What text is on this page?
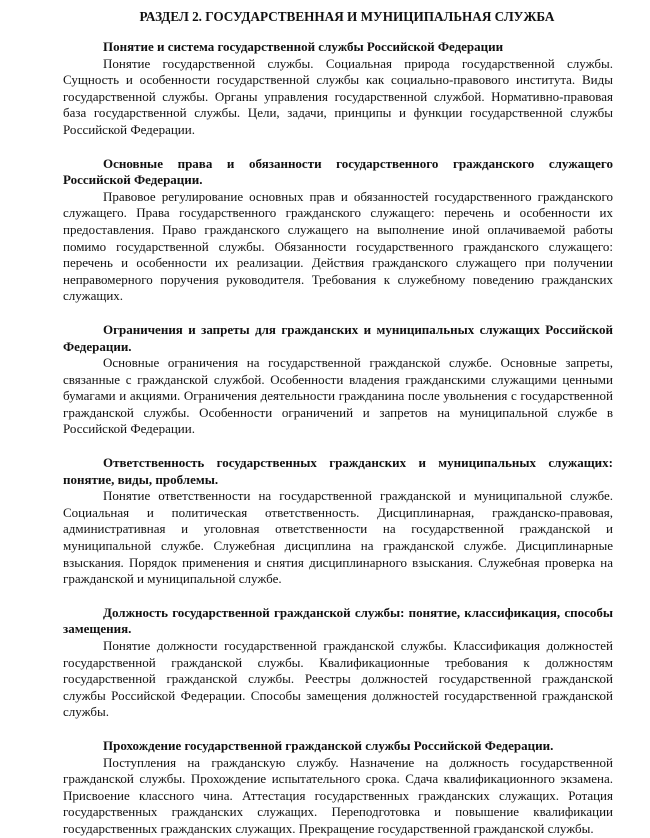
РАЗДЕЛ 2. ГОСУДАРСТВЕННАЯ И МУНИЦИПАЛЬНАЯ СЛУЖБА

Понятие и система государственной службы Российской Федерации

Понятие государственной службы. Социальная природа государственной службы. Сущность и особенности государственной службы как социально-правового института. Виды государственной службы. Органы управления государственной службой. Нормативно-правовая база государственной службы. Цели, задачи, принципы и функции государственной службы Российской Федерации.

Основные права и обязанности государственного гражданского служащего Российской Федерации.

Правовое регулирование основных прав и обязанностей государственного гражданского служащего. Права государственного гражданского служащего: перечень и особенности их предоставления. Право гражданского служащего на выполнение иной оплачиваемой работы помимо государственной службы. Обязанности государственного гражданского служащего: перечень и особенности их реализации. Действия гражданского служащего при получении неправомерного поручения руководителя. Требования к служебному поведению гражданских служащих.

Ограничения и запреты для гражданских и муниципальных служащих Российской Федерации.

Основные ограничения на государственной гражданской службе. Основные запреты, связанные с гражданской службой. Особенности владения гражданскими служащими ценными бумагами и акциями. Ограничения деятельности гражданина после увольнения с государственной гражданской службы. Особенности ограничений и запретов на муниципальной службе в Российской Федерации.

Ответственность государственных гражданских и муниципальных служащих: понятие, виды, проблемы.

Понятие ответственности на государственной гражданской и муниципальной службе. Социальная и политическая ответственность. Дисциплинарная, гражданско-правовая, административная и уголовная ответственности на государственной гражданской и муниципальной службе. Служебная дисциплина на гражданской службе. Дисциплинарные взыскания. Порядок применения и снятия дисциплинарного взыскания. Служебная проверка на гражданской и муниципальной службе.

Должность государственной гражданской службы: понятие, классификация, способы замещения.

Понятие должности государственной гражданской службы. Классификация должностей государственной гражданской службы. Квалификационные требования к должностям государственной гражданской службы. Реестры должностей государственной гражданской службы Российской Федерации. Способы замещения должностей государственной гражданской службы.

Прохождение государственной гражданской службы Российской Федерации.

Поступления на гражданскую службу. Назначение на должность государственной гражданской службы. Прохождение испытательного срока. Сдача квалификационного экзамена. Присвоение классного чина. Аттестация государственных гражданских служащих. Ротация государственных гражданских служащих. Переподготовка и повышение квалификации государственных гражданских служащих. Прекращение государственной гражданской службы.
